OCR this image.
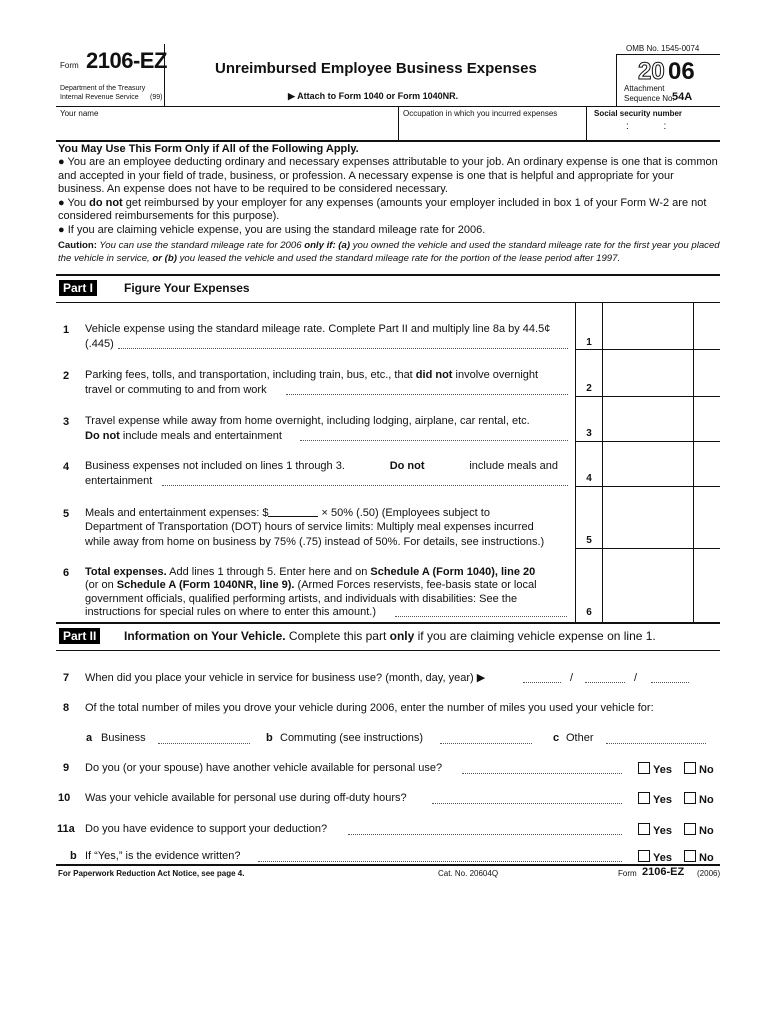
Form 2106-EZ
Department of the Treasury
Internal Revenue Service (99)
Unreimbursed Employee Business Expenses
▶ Attach to Form 1040 or Form 1040NR.
OMB No. 1545-0074
20 06
Attachment
Sequence No.
54A
Your name	Occupation in which you incurred expenses	Social security number
: :
You May Use This Form Only if All of the Following Apply.
● You are an employee deducting ordinary and necessary expenses attributable to your job. An ordinary expense is one that is common and accepted in your field of trade, business, or profession. A necessary expense is one that is helpful and appropriate for your business. An expense does not have to be required to be considered necessary.
● You do not get reimbursed by your employer for any expenses (amounts your employer included in box 1 of your Form W-2 are not considered reimbursements for this purpose).
● If you are claiming vehicle expense, you are using the standard mileage rate for 2006.
Caution: You can use the standard mileage rate for 2006 only if: (a) you owned the vehicle and used the standard mileage rate for the first year you placed the vehicle in service, or (b) you leased the vehicle and used the standard mileage rate for the portion of the lease period after 1997.
Part I	Figure Your Expenses
1 Vehicle expense using the standard mileage rate. Complete Part II and multiply line 8a by 44.5¢
(.445)	1
2 Parking fees, tolls, and transportation, including train, bus, etc., that did not involve overnight
travel or commuting to and from work	2
3 Travel expense while away from home overnight, including lodging, airplane, car rental, etc.
Do not include meals and entertainment	3
4 Business expenses not included on lines 1 through 3.	Do not	include meals and
entertainment	4
5 Meals and entertainment expenses: $	× 50% (.50) (Employees subject to
Department of Transportation (DOT) hours of service limits: Multiply meal expenses incurred
while away from home on business by 75% (.75) instead of 50%. For details, see instructions.)	5
6 Total expenses. Add lines 1 through 5. Enter here and on Schedule A (Form 1040), line 20
(or on Schedule A (Form 1040NR, line 9). (Armed Forces reservists, fee-basis state or local
government officials, qualified performing artists, and individuals with disabilities: See the
instructions for special rules on where to enter this amount.)	6
Part II	Information on Your Vehicle. Complete this part only if you are claiming vehicle expense on line 1.
7 When did you place your vehicle in service for business use? (month, day, year) ▶	/	/
8 Of the total number of miles you drove your vehicle during 2006, enter the number of miles you used your vehicle for:
a Business	b Commuting (see instructions)	c Other
9 Do you (or your spouse) have another vehicle available for personal use?	Yes	No
10 Was your vehicle available for personal use during off-duty hours?	Yes	No
11a Do you have evidence to support your deduction?	Yes	No
b If “Yes,” is the evidence written?	Yes	No
For Paperwork Reduction Act Notice, see page 4.	Cat. No. 20604Q	Form 2106-EZ (2006)
